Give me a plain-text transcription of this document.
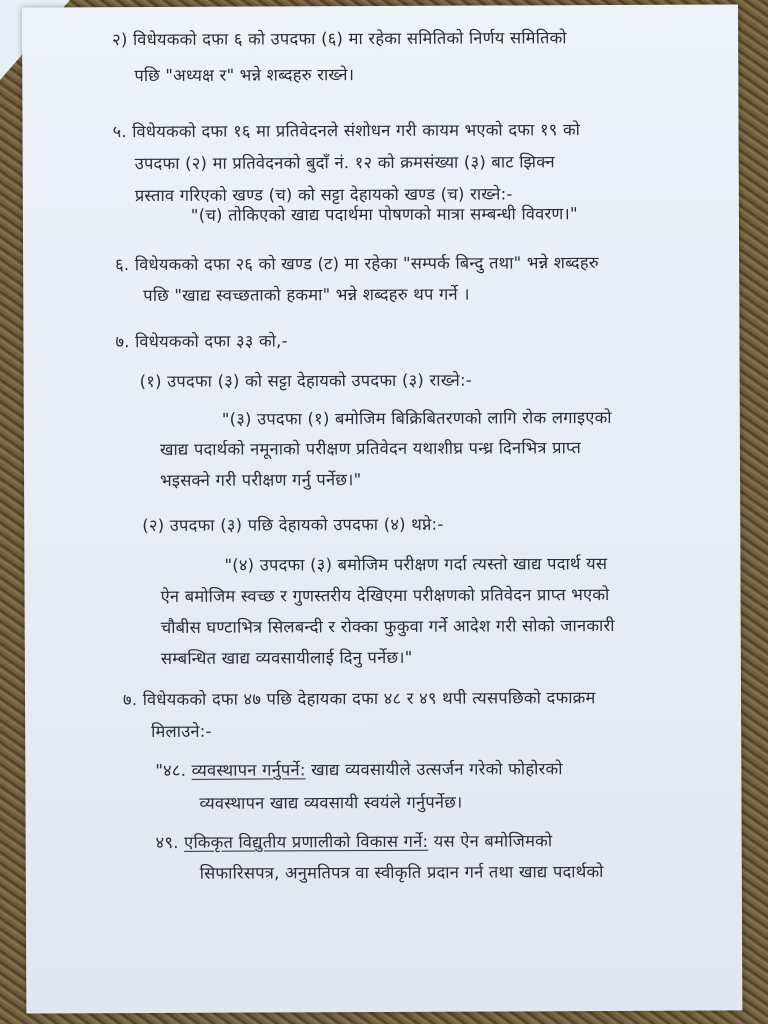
२) विधेयकको दफा ६ को उपदफा (६) मा रहेका समितिको निर्णय समितिको
पछि "अध्यक्ष र" भन्ने शब्दहरु राख्ने।
५. विधेयकको दफा १६ मा प्रतिवेदनले संशोधन गरी कायम भएको दफा १९ को
उपदफा (२) मा प्रतिवेदनको बुदाँ नं. १२ को क्रमसंख्या (३) बाट झिक्न
प्रस्ताव गरिएको खण्ड (च) को सट्टा देहायको खण्ड (च) राख्ने:-
"(च) तोकिएको खाद्य पदार्थमा पोषणको मात्रा सम्बन्धी विवरण।"
६. विधेयकको दफा २६ को खण्ड (ट) मा रहेका "सम्पर्क बिन्दु तथा" भन्ने शब्दहरु
पछि "खाद्य स्वच्छताको हकमा" भन्ने शब्दहरु थप गर्ने ।
७. विधेयकको दफा ३३ को,-
(१) उपदफा (३) को सट्टा देहायको उपदफा (३) राख्ने:-
"(३) उपदफा (१) बमोजिम बिक्रिबितरणको लागि रोक लगाइएको
खाद्य पदार्थको नमूनाको परीक्षण प्रतिवेदन यथाशीघ्र पन्ध्र दिनभित्र प्राप्त
भइसक्ने गरी परीक्षण गर्नु पर्नेछ।"
(२) उपदफा (३) पछि देहायको उपदफा (४) थप्ने:-
"(४) उपदफा (३) बमोजिम परीक्षण गर्दा त्यस्तो खाद्य पदार्थ यस
ऐन बमोजिम स्वच्छ र गुणस्तरीय देखिएमा परीक्षणको प्रतिवेदन प्राप्त भएको
चौबीस घण्टाभित्र सिलबन्दी र रोक्का फुकुवा गर्ने आदेश गरी सोको जानकारी
सम्बन्धित खाद्य व्यवसायीलाई दिनु पर्नेछ।"
७. विधेयकको दफा ४७ पछि देहायका दफा ४८ र ४९ थपी त्यसपछिको दफाक्रम
मिलाउने:-
"४८. व्यवस्थापन गर्नुपर्ने: खाद्य व्यवसायीले उत्सर्जन गरेको फोहोरको
व्यवस्थापन खाद्य व्यवसायी स्वयंले गर्नुपर्नेछ।
४९. एकिकृत विद्युतीय प्रणालीको विकास गर्ने: यस ऐन बमोजिमको
सिफारिसपत्र, अनुमतिपत्र वा स्वीकृति प्रदान गर्न तथा खाद्य पदार्थको
